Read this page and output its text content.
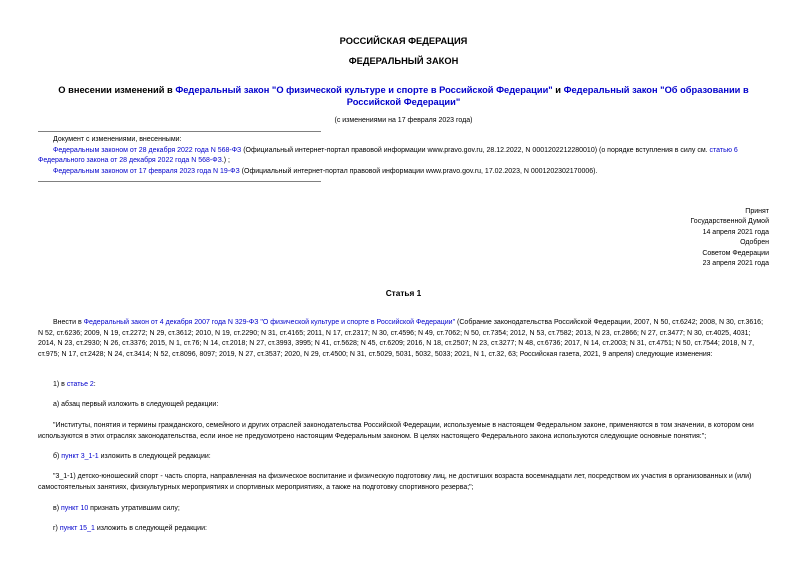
РОССИЙСКАЯ ФЕДЕРАЦИЯ
ФЕДЕРАЛЬНЫЙ ЗАКОН
О внесении изменений в Федеральный закон "О физической культуре и спорте в Российской Федерации" и Федеральный закон "Об образовании в Российской Федерации"
(с изменениями на 17 февраля 2023 года)

Документ с изменениями, внесенными:

Федеральным законом от 28 декабря 2022 года N 568-ФЗ (Официальный интернет-портал правовой информации www.pravo.gov.ru, 28.12.2022, N 0001202212280010) (о порядке вступления в силу см. статью 6 Федерального закона от 28 декабря 2022 года N 568-ФЗ.) ;

Федеральным законом от 17 февраля 2023 года N 19-ФЗ (Официальный интернет-портал правовой информации www.pravo.gov.ru, 17.02.2023, N 0001202302170006).

Принят
Государственной Думой
14 апреля 2021 года
Одобрен
Советом Федерации
23 апреля 2021 года
Статья 1

Внести в Федеральный закон от 4 декабря 2007 года N 329-ФЗ "О физической культуре и спорте в Российской Федерации" (Собрание законодательства Российской Федерации, 2007, N 50, ст.6242; 2008, N 30, ст.3616; N 52, ст.6236; 2009, N 19, ст.2272; N 29, ст.3612; 2010, N 19, ст.2290; N 31, ст.4165; 2011, N 17, ст.2317; N 30, ст.4596; N 49, ст.7062; N 50, ст.7354; 2012, N 53, ст.7582; 2013, N 23, ст.2866; N 27, ст.3477; N 30, ст.4025, 4031; 2014, N 23, ст.2930; N 26, ст.3376; 2015, N 1, ст.76; N 14, ст.2018; N 27, ст.3993, 3995; N 41, ст.5628; N 45, ст.6209; 2016, N 18, ст.2507; N 23, ст.3277; N 48, ст.6736; 2017, N 14, ст.2003; N 31, ст.4751; N 50, ст.7544; 2018, N 7, ст.975; N 17, ст.2428; N 24, ст.3414; N 52, ст.8096, 8097; 2019, N 27, ст.3537; 2020, N 29, ст.4500; N 31, ст.5029, 5031, 5032, 5033; 2021, N 1, ст.32, 63; Российская газета, 2021, 9 апреля) следующие изменения:

1) в статье 2:

а) абзац первый изложить в следующей редакции:

"Институты, понятия и термины гражданского, семейного и других отраслей законодательства Российской Федерации, используемые в настоящем Федеральном законе, применяются в том значении, в котором они используются в этих отраслях законодательства, если иное не предусмотрено настоящим Федеральным законом. В целях настоящего Федерального закона используются следующие основные понятия:";

б) пункт 3_1-1 изложить в следующей редакции:

"3_1-1) детско-юношеский спорт - часть спорта, направленная на физическое воспитание и физическую подготовку лиц, не достигших возраста восемнадцати лет, посредством их участия в организованных и (или) самостоятельных занятиях, физкультурных мероприятиях и спортивных мероприятиях, а также на подготовку спортивного резерва;";

в) пункт 10 признать утратившим силу;

г) пункт 15_1 изложить в следующей редакции:
